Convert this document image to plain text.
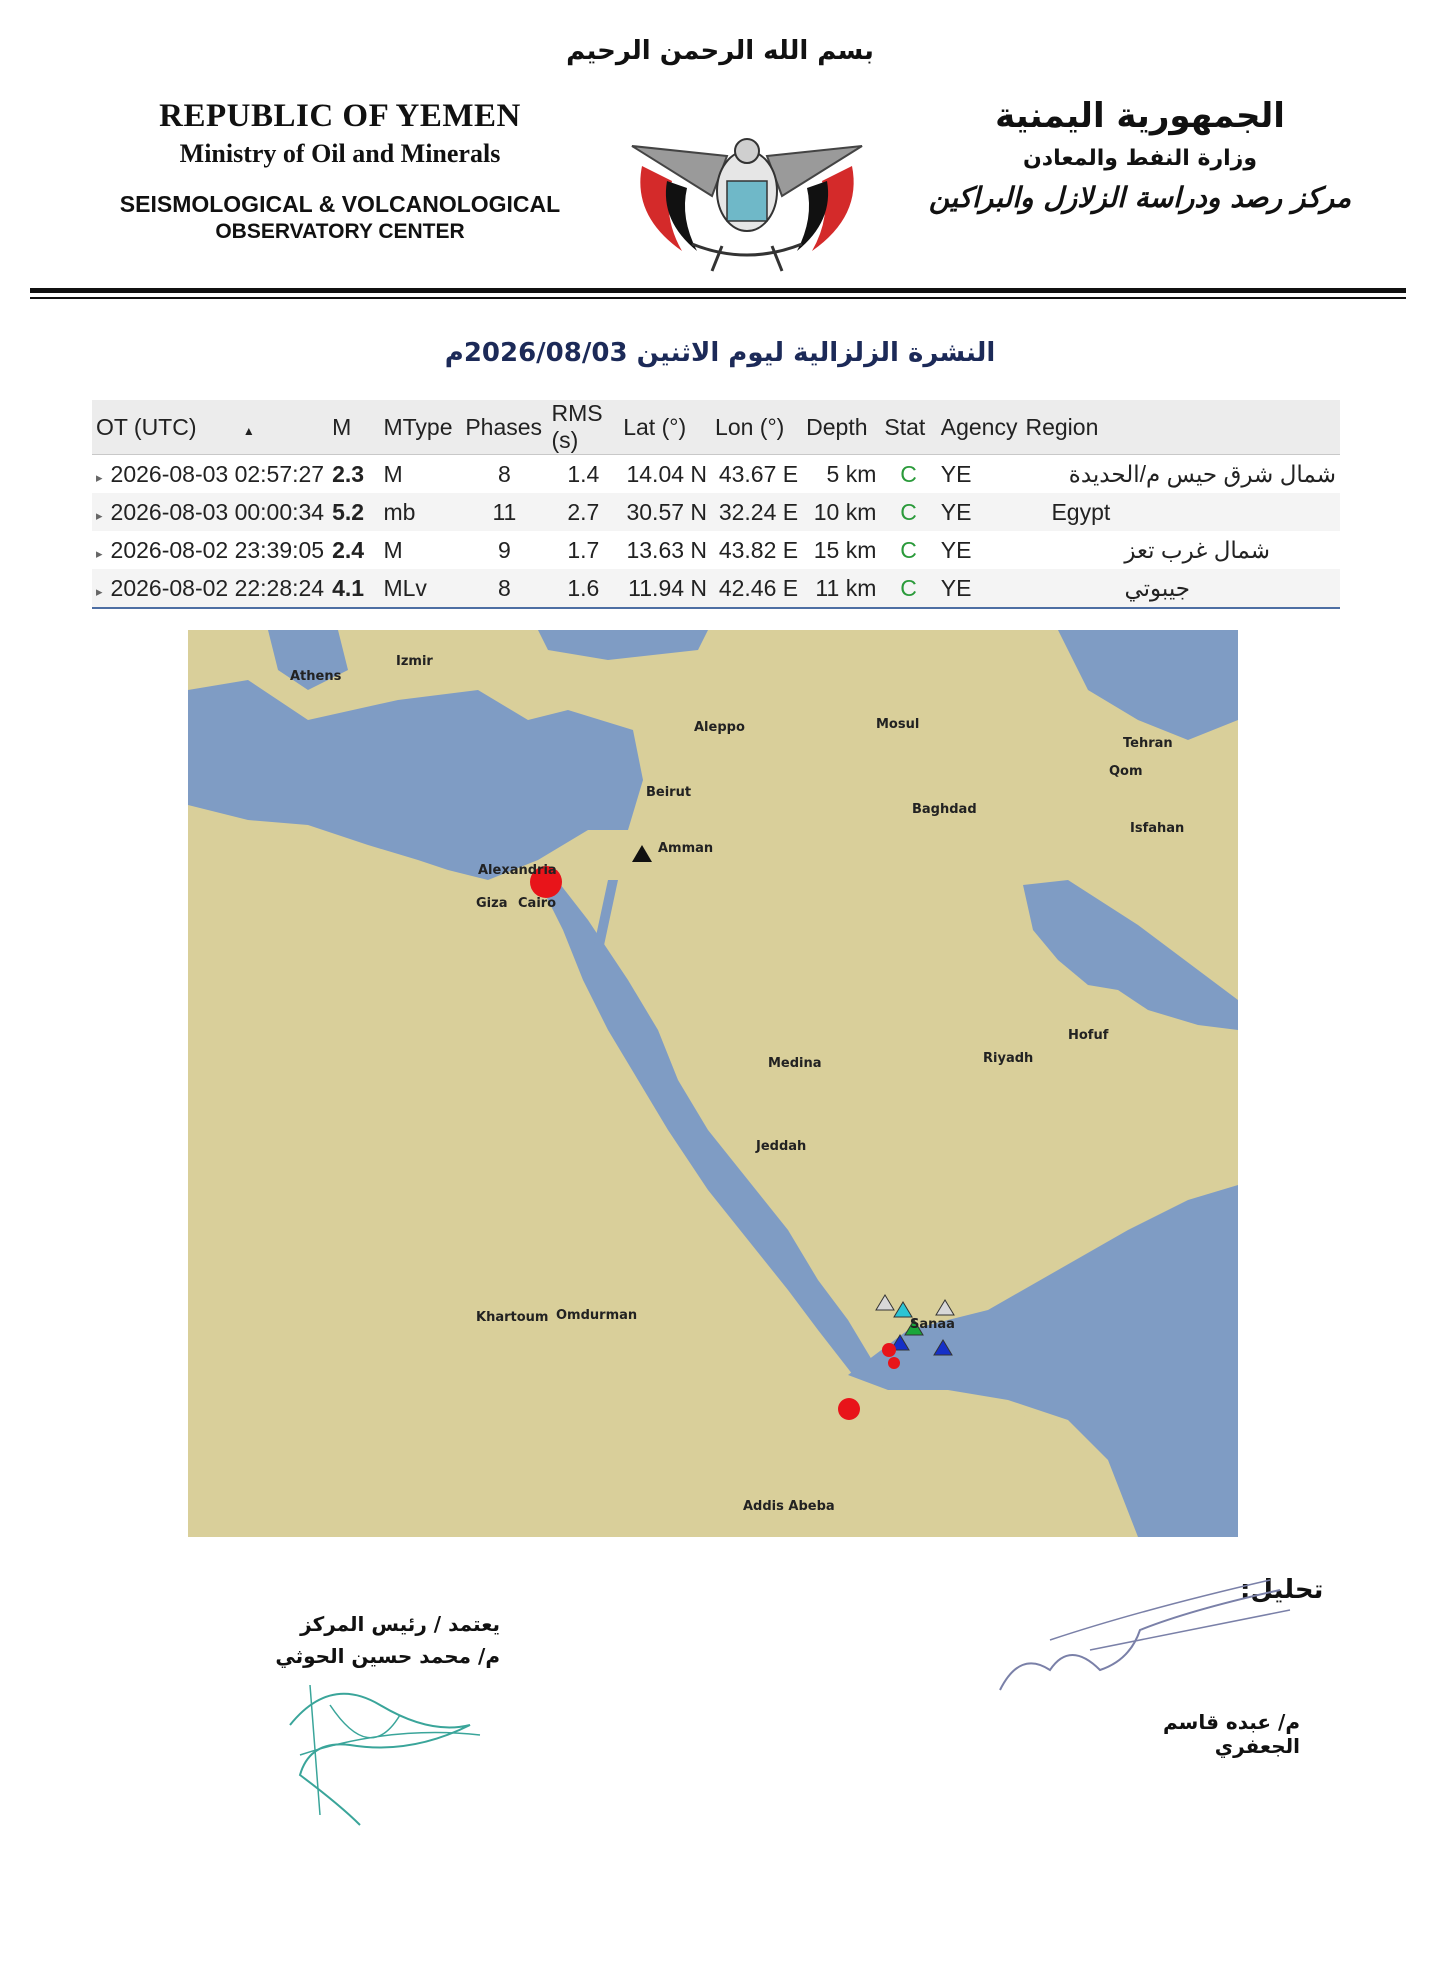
بسم الله الرحمن الرحيم
REPUBLIC OF YEMEN
Ministry of Oil and Minerals
SEISMOLOGICAL & VOLCANOLOGICAL
OBSERVATORY CENTER
الجمهورية اليمنية
وزارة النفط والمعادن
مركز رصد ودراسة الزلازل والبراكين
النشرة الزلزالية ليوم الاثنين 2026/08/03م
OT (UTC) ▲	M	MType	Phases	RMS (s)	Lat (°)	Lon (°)	Depth	Stat	Agency	Region
▸ 2026-08-03 02:57:27	2.3	M	8	1.4	14.04 N	43.67 E	5 km	C	YE	شمال شرق حيس م/الحديدة
▸ 2026-08-03 00:00:34	5.2	mb	11	2.7	30.57 N	32.24 E	10 km	C	YE	Egypt
▸ 2026-08-02 23:39:05	2.4	M	9	1.7	13.63 N	43.82 E	15 km	C	YE	شمال غرب تعز
▸ 2026-08-02 22:28:24	4.1	MLv	8	1.6	11.94 N	42.46 E	11 km	C	YE	جيبوتي
Athens
Izmir
Aleppo	Mosul
Tehran
Qom
Beirut
Baghdad
Amman
Isfahan
Alexandria
Giza Cairo
Hofuf
Riyadh
Medina
Jeddah
Khartoum Omdurman
Sanaa
Addis Abeba
يعتمد / رئيس المركز
م/ محمد حسين الحوثي
تحليل:
م/ عبده قاسم الجعفري
